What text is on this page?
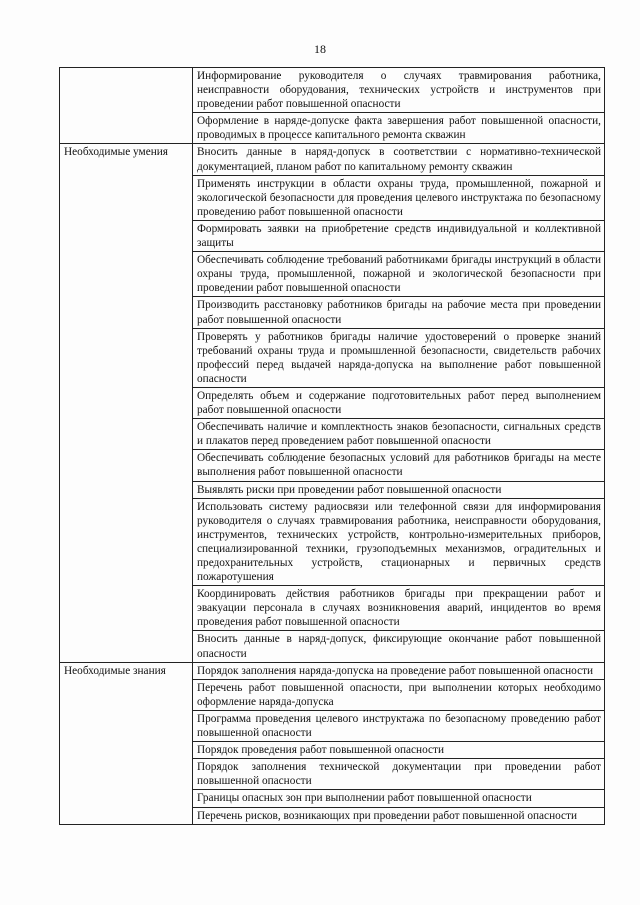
18
	Информирование руководителя о случаях травмирования работника, неисправности оборудования, технических устройств и инструментов при проведении работ повышенной опасности
	Оформление в наряде-допуске факта завершения работ повышенной опасности, проводимых в процессе капитального ремонта скважин
Необходимые умения	Вносить данные в наряд-допуск в соответствии с нормативно-технической документацией, планом работ по капитальному ремонту скважин
	Применять инструкции в области охраны труда, промышленной, пожарной и экологической безопасности для проведения целевого инструктажа по безопасному проведению работ повышенной опасности
	Формировать заявки на приобретение средств индивидуальной и коллективной защиты
	Обеспечивать соблюдение требований работниками бригады инструкций в области охраны труда, промышленной, пожарной и экологической безопасности при проведении работ повышенной опасности
	Производить расстановку работников бригады на рабочие места при проведении работ повышенной опасности
	Проверять у работников бригады наличие удостоверений о проверке знаний требований охраны труда и промышленной безопасности, свидетельств рабочих профессий перед выдачей наряда-допуска на выполнение работ повышенной опасности
	Определять объем и содержание подготовительных работ перед выполнением работ повышенной опасности
	Обеспечивать наличие и комплектность знаков безопасности, сигнальных средств и плакатов перед проведением работ повышенной опасности
	Обеспечивать соблюдение безопасных условий для работников бригады на месте выполнения работ повышенной опасности
	Выявлять риски при проведении работ повышенной опасности
	Использовать систему радиосвязи или телефонной связи для информирования руководителя о случаях травмирования работника, неисправности оборудования, инструментов, технических устройств, контрольно-измерительных приборов, специализированной техники, грузоподъемных механизмов, оградительных и предохранительных устройств, стационарных и первичных средств пожаротушения
	Координировать действия работников бригады при прекращении работ и эвакуации персонала в случаях возникновения аварий, инцидентов во время проведения работ повышенной опасности
	Вносить данные в наряд-допуск, фиксирующие окончание работ повышенной опасности
Необходимые знания	Порядок заполнения наряда-допуска на проведение работ повышенной опасности
	Перечень работ повышенной опасности, при выполнении которых необходимо оформление наряда-допуска
	Программа проведения целевого инструктажа по безопасному проведению работ повышенной опасности
	Порядок проведения работ повышенной опасности
	Порядок заполнения технической документации при проведении работ повышенной опасности
	Границы опасных зон при выполнении работ повышенной опасности
	Перечень рисков, возникающих при проведении работ повышенной опасности
